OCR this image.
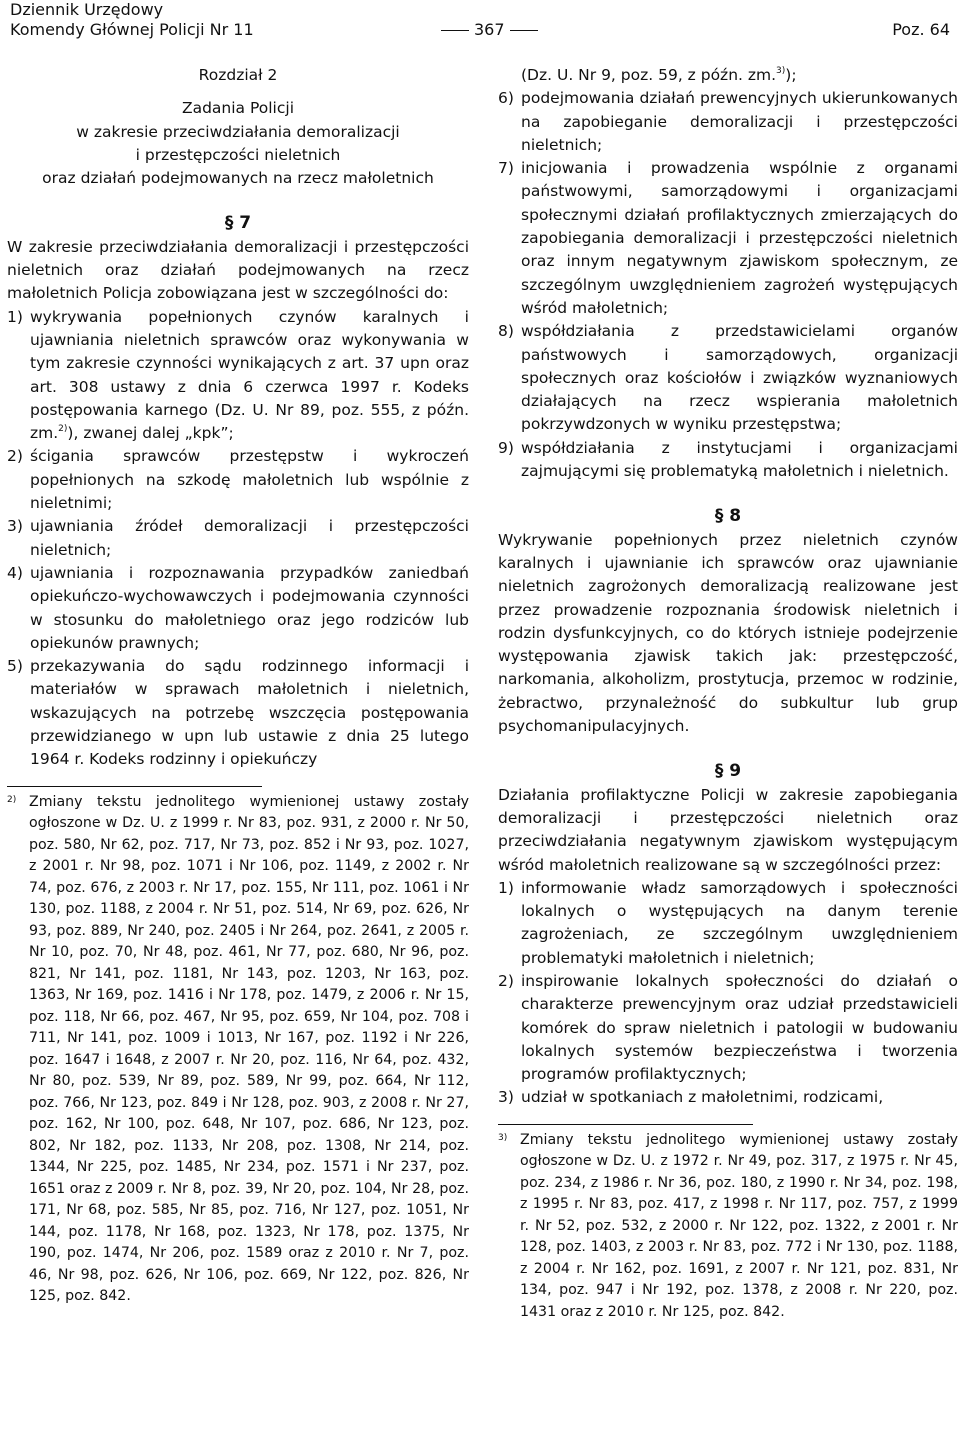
Dziennik Urzędowy
Komendy Głównej Policji Nr 11	367	Poz. 64
Rozdział 2
Zadania Policji
w zakresie przeciwdziałania demoralizacji
i przestępczości nieletnich
oraz działań podejmowanych na rzecz małoletnich
§ 7

W zakresie przeciwdziałania demoralizacji i przestępczości nieletnich oraz działań podejmowanych na rzecz małoletnich Policja zobowiązana jest w szczególności do:

1) wykrywania popełnionych czynów karalnych i ujawniania nieletnich sprawców oraz wykonywania w tym zakresie czynności wynikających z art. 37 upn oraz art. 308 ustawy z dnia 6 czerwca 1997 r. Kodeks postępowania karnego (Dz. U. Nr 89, poz. 555, z późn. zm.$^{2)}$), zwanej dalej „kpk”;
2) ścigania sprawców przestępstw i wykroczeń popełnionych na szkodę małoletnich lub wspólnie z nieletnimi;
3) ujawniania źródeł demoralizacji i przestępczości nieletnich;
4) ujawniania i rozpoznawania przypadków zaniedbań opiekuńczo-wychowawczych i podejmowania czynności w stosunku do małoletniego oraz jego rodziców lub opiekunów prawnych;
5) przekazywania do sądu rodzinnego informacji i materiałów w sprawach małoletnich i nieletnich, wskazujących na potrzebę wszczęcia postępowania przewidzianego w upn lub ustawie z dnia 25 lutego 1964 r. Kodeks rodzinny i opiekuńczy
2) Zmiany tekstu jednolitego wymienionej ustawy zostały ogłoszone w Dz. U. z 1999 r. Nr 83, poz. 931, z 2000 r. Nr 50, poz. 580, Nr 62, poz. 717, Nr 73, poz. 852 i Nr 93, poz. 1027, z 2001 r. Nr 98, poz. 1071 i Nr 106, poz. 1149, z 2002 r. Nr 74, poz. 676, z 2003 r. Nr 17, poz. 155, Nr 111, poz. 1061 i Nr 130, poz. 1188, z 2004 r. Nr 51, poz. 514, Nr 69, poz. 626, Nr 93, poz. 889, Nr 240, poz. 2405 i Nr 264, poz. 2641, z 2005 r. Nr 10, poz. 70, Nr 48, poz. 461, Nr 77, poz. 680, Nr 96, poz. 821, Nr 141, poz. 1181, Nr 143, poz. 1203, Nr 163, poz. 1363, Nr 169, poz. 1416 i Nr 178, poz. 1479, z 2006 r. Nr 15, poz. 118, Nr 66, poz. 467, Nr 95, poz. 659, Nr 104, poz. 708 i 711, Nr 141, poz. 1009 i 1013, Nr 167, poz. 1192 i Nr 226, poz. 1647 i 1648, z 2007 r. Nr 20, poz. 116, Nr 64, poz. 432, Nr 80, poz. 539, Nr 89, poz. 589, Nr 99, poz. 664, Nr 112, poz. 766, Nr 123, poz. 849 i Nr 128, poz. 903, z 2008 r. Nr 27, poz. 162, Nr 100, poz. 648, Nr 107, poz. 686, Nr 123, poz. 802, Nr 182, poz. 1133, Nr 208, poz. 1308, Nr 214, poz. 1344, Nr 225, poz. 1485, Nr 234, poz. 1571 i Nr 237, poz. 1651 oraz z 2009 r. Nr 8, poz. 39, Nr 20, poz. 104, Nr 28, poz. 171, Nr 68, poz. 585, Nr 85, poz. 716, Nr 127, poz. 1051, Nr 144, poz. 1178, Nr 168, poz. 1323, Nr 178, poz. 1375, Nr 190, poz. 1474, Nr 206, poz. 1589 oraz z 2010 r. Nr 7, poz. 46, Nr 98, poz. 626, Nr 106, poz. 669, Nr 122, poz. 826, Nr 125, poz. 842.

(Dz. U. Nr 9, poz. 59, z późn. zm.$^{3)}$);

6) podejmowania działań prewencyjnych ukierunkowanych na zapobieganie demoralizacji i przestępczości nieletnich;
7) inicjowania i prowadzenia wspólnie z organami państwowymi, samorządowymi i organizacjami społecznymi działań profilaktycznych zmierzających do zapobiegania demoralizacji i przestępczości nieletnich oraz innym negatywnym zjawiskom społecznym, ze szczególnym uwzględnieniem zagrożeń występujących wśród małoletnich;
8) współdziałania z przedstawicielami organów państwowych i samorządowych, organizacji społecznych oraz kościołów i związków wyznaniowych działających na rzecz wspierania małoletnich pokrzywdzonych w wyniku przestępstwa;
9) współdziałania z instytucjami i organizacjami zajmującymi się problematyką małoletnich i nieletnich.
§ 8

Wykrywanie popełnionych przez nieletnich czynów karalnych i ujawnianie ich sprawców oraz ujawnianie nieletnich zagrożonych demoralizacją realizowane jest przez prowadzenie rozpoznania środowisk nieletnich i rodzin dysfunkcyjnych, co do których istnieje podejrzenie występowania zjawisk takich jak: przestępczość, narkomania, alkoholizm, prostytucja, przemoc w rodzinie, żebractwo, przynależność do subkultur lub grup psychomanipulacyjnych.

§ 9

Działania profilaktyczne Policji w zakresie zapobiegania demoralizacji i przestępczości nieletnich oraz przeciwdziałania negatywnym zjawiskom występującym wśród małoletnich realizowane są w szczególności przez:

1) informowanie władz samorządowych i społeczności lokalnych o występujących na danym terenie zagrożeniach, ze szczególnym uwzględnieniem problematyki małoletnich i nieletnich;
2) inspirowanie lokalnych społeczności do działań o charakterze prewencyjnym oraz udział przedstawicieli komórek do spraw nieletnich i patologii w budowaniu lokalnych systemów bezpieczeństwa i tworzenia programów profilaktycznych;
3) udział w spotkaniach z małoletnimi, rodzicami,
3) Zmiany tekstu jednolitego wymienionej ustawy zostały ogłoszone w Dz. U. z 1972 r. Nr 49, poz. 317, z 1975 r. Nr 45, poz. 234, z 1986 r. Nr 36, poz. 180, z 1990 r. Nr 34, poz. 198, z 1995 r. Nr 83, poz. 417, z 1998 r. Nr 117, poz. 757, z 1999 r. Nr 52, poz. 532, z 2000 r. Nr 122, poz. 1322, z 2001 r. Nr 128, poz. 1403, z 2003 r. Nr 83, poz. 772 i Nr 130, poz. 1188, z 2004 r. Nr 162, poz. 1691, z 2007 r. Nr 121, poz. 831, Nr 134, poz. 947 i Nr 192, poz. 1378, z 2008 r. Nr 220, poz. 1431 oraz z 2010 r. Nr 125, poz. 842.
